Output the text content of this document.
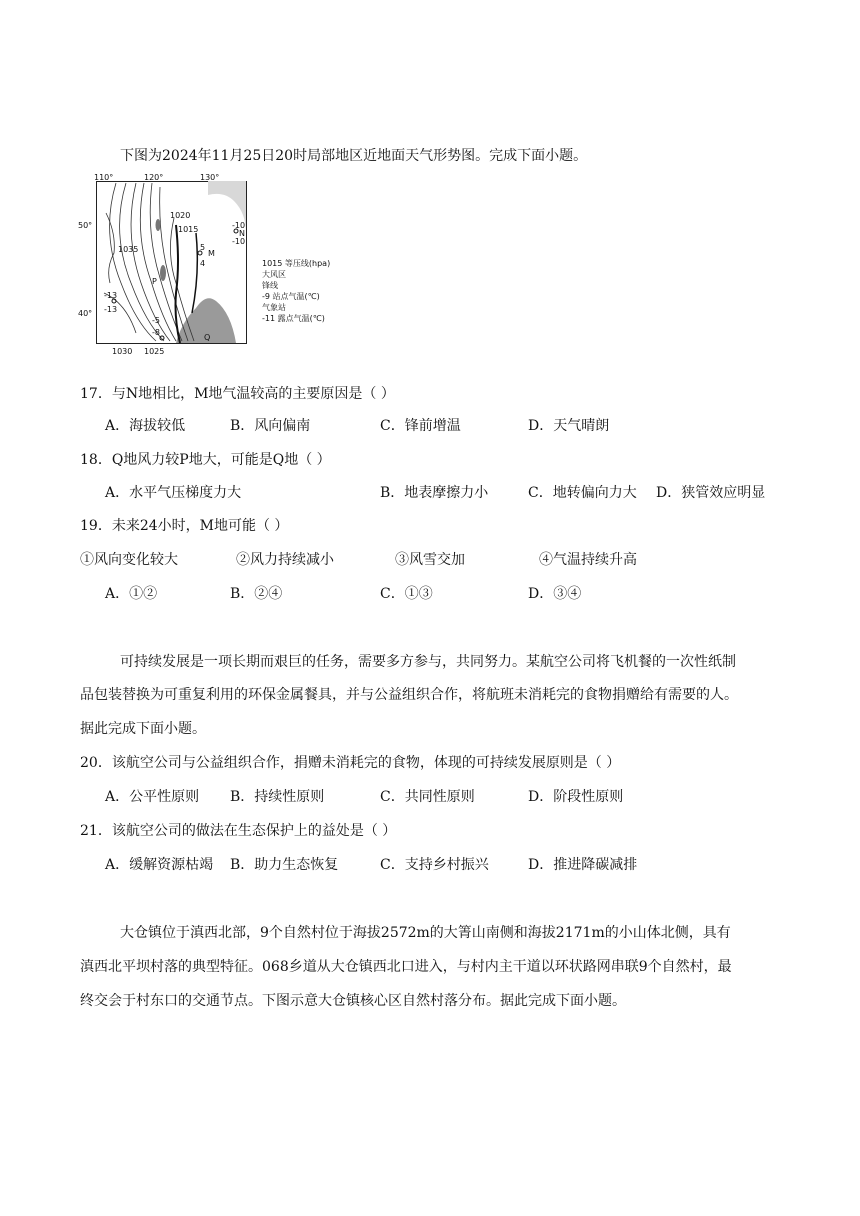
下图为2024年11月25日20时局部地区近地面天气形势图。完成下面小题。
110°	120°	130°
50°
40°
1020
1015
1035
1030 1025
N
M
P
Q
5
4
-10
-10
-13
-13
-8
-5
1015 等压线(hpa)
大风区
锋线
-9 站点气温(℃)
气象站
-11 露点气温(℃)
17．与N地相比，M地气温较高的主要原因是（ ）
A．海拔较低	B．风向偏南	C．锋前增温	D．天气晴朗
18．Q地风力较P地大，可能是Q地（ ）
A．水平气压梯度力大	B．地表摩擦力小	C．地转偏向力大 D．狭管效应明显
19．未来24小时，M地可能（ ）
①风向变化较大	②风力持续减小	③风雪交加	④气温持续升高
A．①②	B．②④	C．①③	D．③④
可持续发展是一项长期而艰巨的任务，需要多方参与，共同努力。某航空公司将飞机餐的一次性纸制
品包装替换为可重复利用的环保金属餐具，并与公益组织合作，将航班未消耗完的食物捐赠给有需要的人。
据此完成下面小题。
20．该航空公司与公益组织合作，捐赠未消耗完的食物，体现的可持续发展原则是（ ）
A．公平性原则 B．持续性原则	C．共同性原则	D．阶段性原则
21．该航空公司的做法在生态保护上的益处是（ ）
A．缓解资源枯竭 B．助力生态恢复	C．支持乡村振兴	D．推进降碳减排
大仓镇位于滇西北部，9个自然村位于海拔2572m的大箐山南侧和海拔2171m的小山体北侧，具有
滇西北平坝村落的典型特征。068乡道从大仓镇西北口进入，与村内主干道以环状路网串联9个自然村，最
终交会于村东口的交通节点。下图示意大仓镇核心区自然村落分布。据此完成下面小题。
